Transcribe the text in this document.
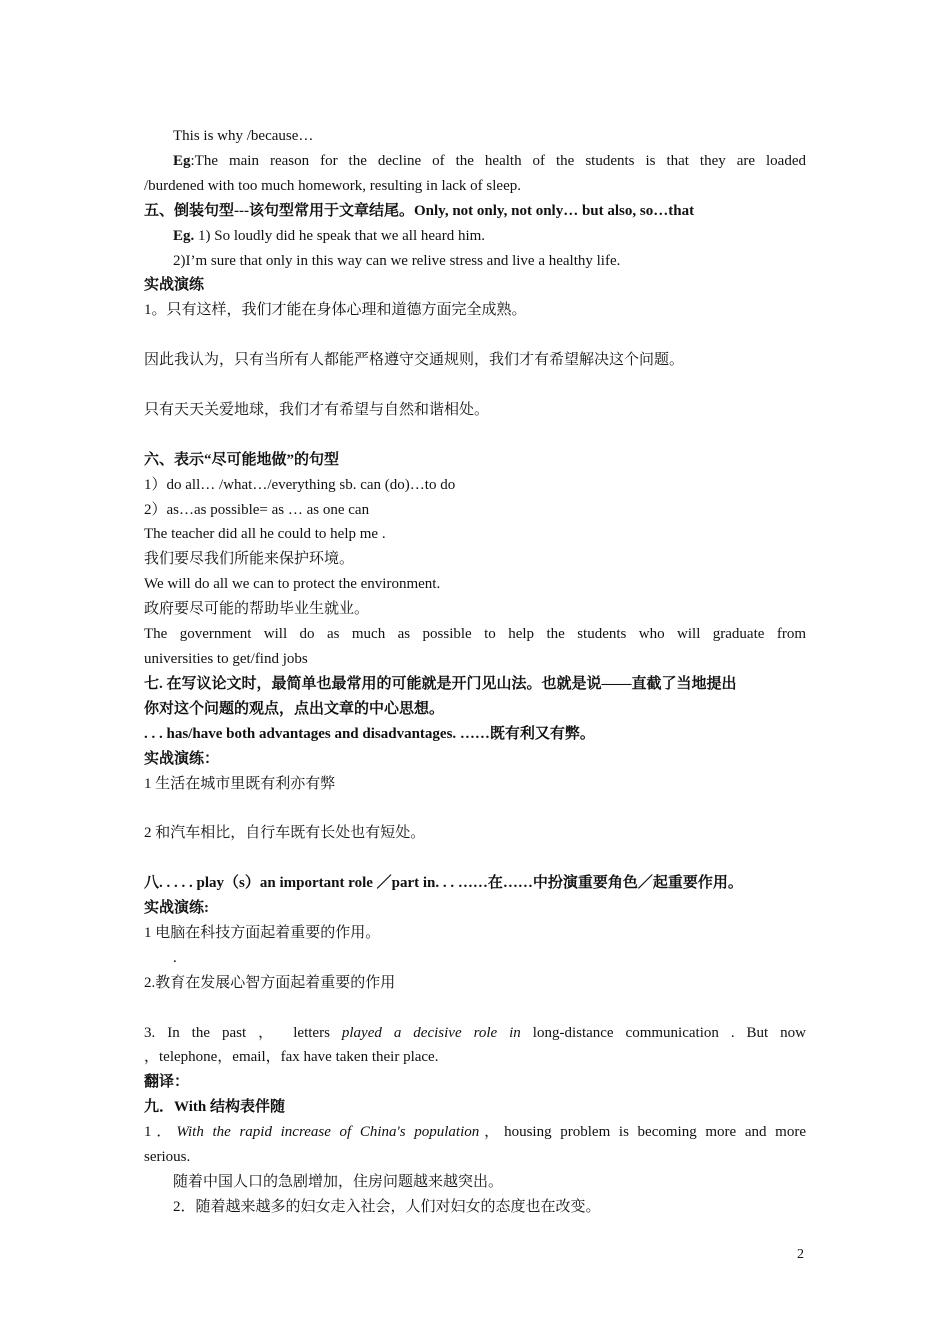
This is why /because…
Eg:The main reason for the decline of the health of the students is that they are loaded
/burdened with too much homework, resulting in lack of sleep.
五、倒装句型---该句型常用于文章结尾。Only, not only, not only… but also, so…that
Eg. 1) So loudly did he speak that we all heard him.
2)I’m sure that only in this way can we relive stress and live a healthy life.
实战演练
1。只有这样，我们才能在身体心理和道德方面完全成熟。
因此我认为，只有当所有人都能严格遵守交通规则，我们才有希望解决这个问题。
只有天天关爱地球，我们才有希望与自然和谐相处。
六、表示“尽可能地做”的句型
1）do all… /what…/everything sb. can (do)…to do
2）as…as possible= as … as one can
The teacher did all he could to help me .
我们要尽我们所能来保护环境。
We will do all we can to protect the environment.
政府要尽可能的帮助毕业生就业。
The government will do as much as possible to help the students who will graduate from
universities to get/find jobs
七. 在写议论文时，最简单也最常用的可能就是开门见山法。也就是说——直截了当地提出
你对这个问题的观点，点出文章的中心思想。
. . . has/have both advantages and disadvantages. ……既有利又有弊。
实战演练：
1 生活在城市里既有利亦有弊
2 和汽车相比，自行车既有长处也有短处。
八. . . . . play（s）an important role ／part in. . . ……在……中扮演重要角色／起重要作用。
实战演练:
1 电脑在科技方面起着重要的作用。
.
2.教育在发展心智方面起着重要的作用
3. In the past ， letters played a decisive role in long-distance communication . But now
，telephone，email，fax have taken their place.
翻译：
九．With 结构表伴随
1．With the rapid increase of China's population，housing problem is becoming more and more
serious.
随着中国人口的急剧增加，住房问题越来越突出。
2．随着越来越多的妇女走入社会，人们对妇女的态度也在改变。
2
